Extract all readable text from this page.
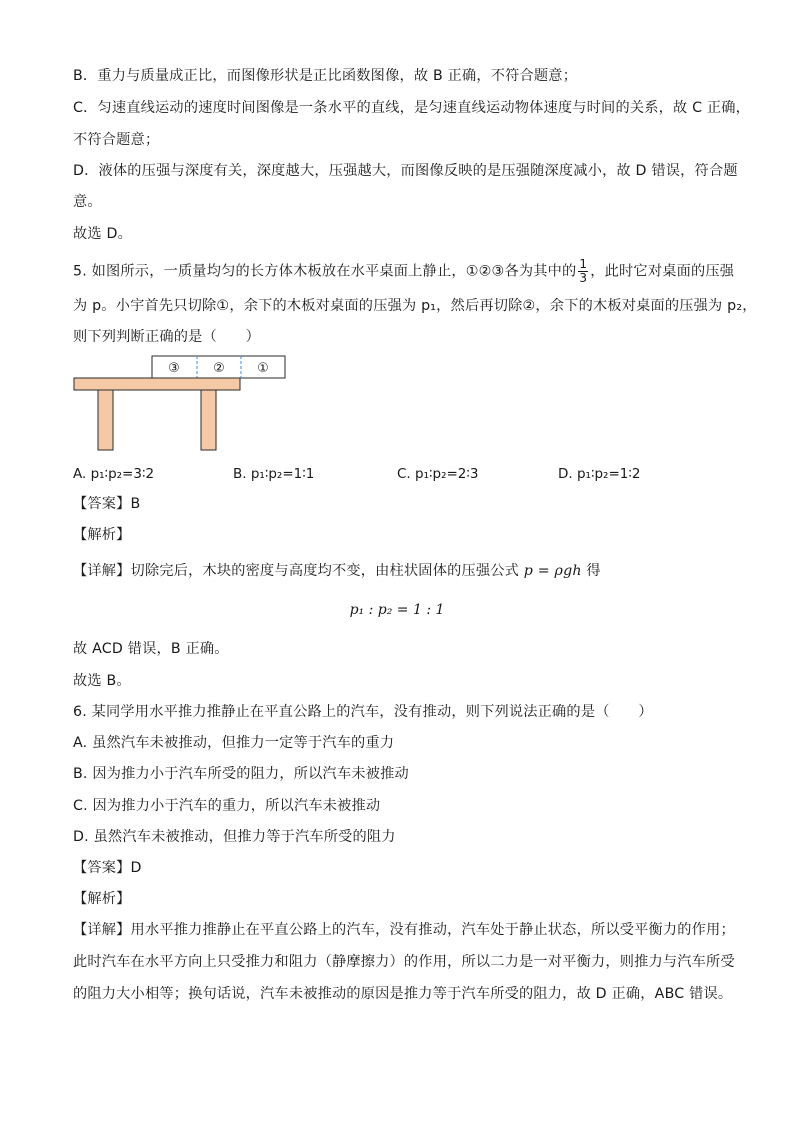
B．重力与质量成正比，而图像形状是正比函数图像，故 B 正确，不符合题意；
C．匀速直线运动的速度时间图像是一条水平的直线，是匀速直线运动物体速度与时间的关系，故 C 正确，
不符合题意；
D．液体的压强与深度有关，深度越大，压强越大，而图像反映的是压强随深度减小，故 D 错误，符合题
意。
故选 D。
5. 如图所示，一质量均匀的长方体木板放在水平桌面上静止，①②③各为其中的 $\frac{1}{3}$ ，此时它对桌面的压强
为 p。小宇首先只切除①，余下的木板对桌面的压强为 p₁，然后再切除②，余下的木板对桌面的压强为 p₂，
则下列判断正确的是（　　）
③	② ①
A. p₁∶p₂=3∶2	B. p₁∶p₂=1∶1	C. p₁∶p₂=2∶3	D. p₁∶p₂=1∶2
【答案】B
【解析】
【详解】切除完后，木块的密度与高度均不变，由柱状固体的压强公式 p = ρgh 得
p₁ : p₂ = 1 : 1
故 ACD 错误，B 正确。
故选 B。
6. 某同学用水平推力推静止在平直公路上的汽车，没有推动，则下列说法正确的是（　　）
A. 虽然汽车未被推动，但推力一定等于汽车的重力
B. 因为推力小于汽车所受的阻力，所以汽车未被推动
C. 因为推力小于汽车的重力，所以汽车未被推动
D. 虽然汽车未被推动，但推力等于汽车所受的阻力
【答案】D
【解析】
【详解】用水平推力推静止在平直公路上的汽车，没有推动，汽车处于静止状态，所以受平衡力的作用；
此时汽车在水平方向上只受推力和阻力（静摩擦力）的作用，所以二力是一对平衡力，则推力与汽车所受
的阻力大小相等；换句话说，汽车未被推动的原因是推力等于汽车所受的阻力，故 D 正确，ABC 错误。
